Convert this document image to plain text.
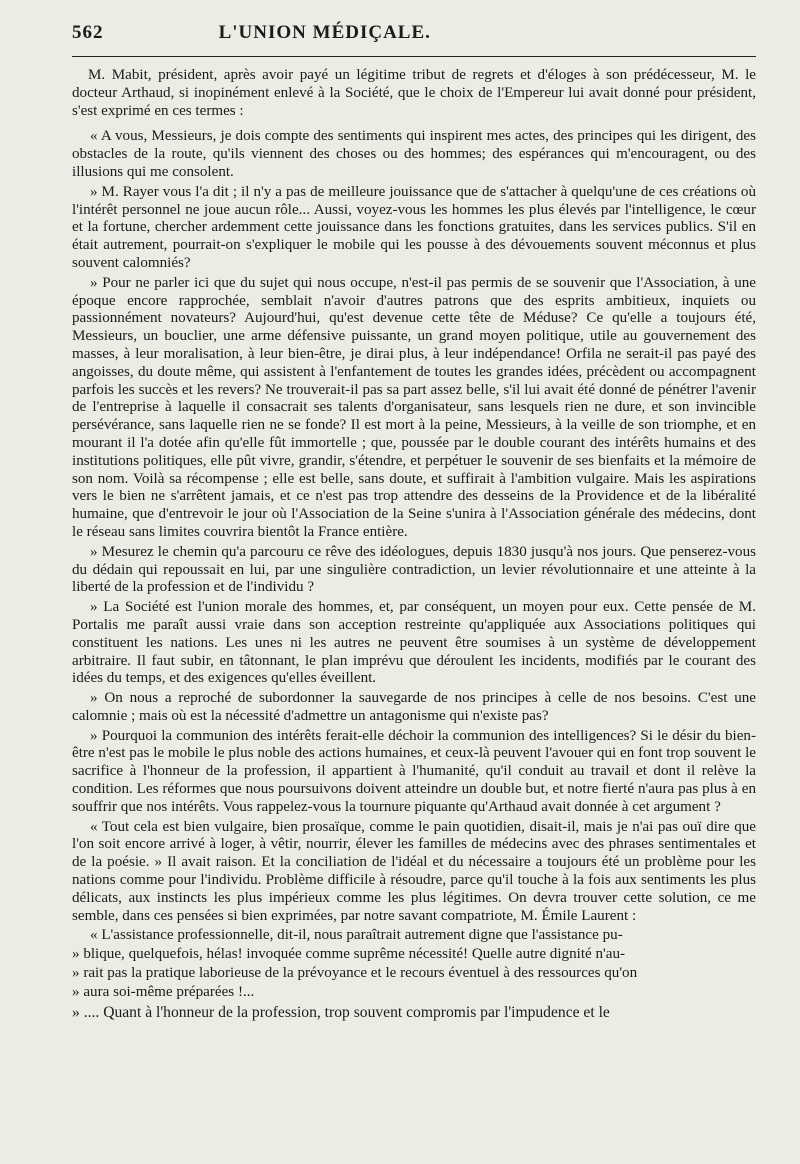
562	L'UNION MÉDIÇALE.

M. Mabit, président, après avoir payé un légitime tribut de regrets et d'éloges à son prédécesseur, M. le docteur Arthaud, si inopinément enlevé à la Société, que le choix de l'Empereur lui avait donné pour président, s'est exprimé en ces termes :

« A vous, Messieurs, je dois compte des sentiments qui inspirent mes actes, des principes qui les dirigent, des obstacles de la route, qu'ils viennent des choses ou des hommes; des espérances qui m'encouragent, ou des illusions qui me consolent.

» M. Rayer vous l'a dit ; il n'y a pas de meilleure jouissance que de s'attacher à quelqu'une de ces créations où l'intérêt personnel ne joue aucun rôle... Aussi, voyez-vous les hommes les plus élevés par l'intelligence, le cœur et la fortune, chercher ardemment cette jouissance dans les fonctions gratuites, dans les services publics. S'il en était autrement, pourrait-on s'expliquer le mobile qui les pousse à des dévouements souvent méconnus et plus souvent calomniés?

» Pour ne parler ici que du sujet qui nous occupe, n'est-il pas permis de se souvenir que l'Association, à une époque encore rapprochée, semblait n'avoir d'autres patrons que des esprits ambitieux, inquiets ou passionnément novateurs? Aujourd'hui, qu'est devenue cette tête de Méduse? Ce qu'elle a toujours été, Messieurs, un bouclier, une arme défensive puissante, un grand moyen politique, utile au gouvernement des masses, à leur moralisation, à leur bien-être, je dirai plus, à leur indépendance! Orfila ne serait-il pas payé des angoisses, du doute même, qui assistent à l'enfantement de toutes les grandes idées, précèdent ou accompagnent parfois les succès et les revers? Ne trouverait-il pas sa part assez belle, s'il lui avait été donné de pénétrer l'avenir de l'entreprise à laquelle il consacrait ses talents d'organisateur, sans lesquels rien ne dure, et son invincible persévérance, sans laquelle rien ne se fonde? Il est mort à la peine, Messieurs, à la veille de son triomphe, et en mourant il l'a dotée afin qu'elle fût immortelle ; que, poussée par le double courant des intérêts humains et des institutions politiques, elle pût vivre, grandir, s'étendre, et perpétuer le souvenir de ses bienfaits et la mémoire de son nom. Voilà sa récompense ; elle est belle, sans doute, et suffirait à l'ambition vulgaire. Mais les aspirations vers le bien ne s'arrêtent jamais, et ce n'est pas trop attendre des desseins de la Providence et de la libéralité humaine, que d'entrevoir le jour où l'Association de la Seine s'unira à l'Association générale des médecins, dont le réseau sans limites couvrira bientôt la France entière.

» Mesurez le chemin qu'a parcouru ce rêve des idéologues, depuis 1830 jusqu'à nos jours. Que penserez-vous du dédain qui repoussait en lui, par une singulière contradiction, un levier révolutionnaire et une atteinte à la liberté de la profession et de l'individu ?

» La Société est l'union morale des hommes, et, par conséquent, un moyen pour eux. Cette pensée de M. Portalis me paraît aussi vraie dans son acception restreinte qu'appliquée aux Associations politiques qui constituent les nations. Les unes ni les autres ne peuvent être soumises à un système de développement arbitraire. Il faut subir, en tâtonnant, le plan imprévu que déroulent les incidents, modifiés par le courant des idées du temps, et des exigences qu'elles éveillent.

» On nous a reproché de subordonner la sauvegarde de nos principes à celle de nos besoins. C'est une calomnie ; mais où est la nécessité d'admettre un antagonisme qui n'existe pas?

» Pourquoi la communion des intérêts ferait-elle déchoir la communion des intelligences? Si le désir du bien-être n'est pas le mobile le plus noble des actions humaines, et ceux-là peuvent l'avouer qui en font trop souvent le sacrifice à l'honneur de la profession, il appartient à l'humanité, qu'il conduit au travail et dont il relève la condition. Les réformes que nous poursuivons doivent atteindre un double but, et notre fierté n'aura pas plus à en souffrir que nos intérêts. Vous rappelez-vous la tournure piquante qu'Arthaud avait donnée à cet argument ?

« Tout cela est bien vulgaire, bien prosaïque, comme le pain quotidien, disait-il, mais je n'ai pas ouï dire que l'on soit encore arrivé à loger, à vêtir, nourrir, élever les familles de médecins avec des phrases sentimentales et de la poésie. » Il avait raison. Et la conciliation de l'idéal et du nécessaire a toujours été un problème pour les nations comme pour l'individu. Problème difficile à résoudre, parce qu'il touche à la fois aux sentiments les plus délicats, aux instincts les plus impérieux comme les plus légitimes. On devra trouver cette solution, ce me semble, dans ces pensées si bien exprimées, par notre savant compatriote, M. Émile Laurent :

« L'assistance professionnelle, dit-il, nous paraîtrait autrement digne que l'assistance pu-

» blique, quelquefois, hélas! invoquée comme suprême nécessité! Quelle autre dignité n'au-

» rait pas la pratique laborieuse de la prévoyance et le recours éventuel à des ressources qu'on

» aura soi-même préparées !...

» .... Quant à l'honneur de la profession, trop souvent compromis par l'impudence et le
